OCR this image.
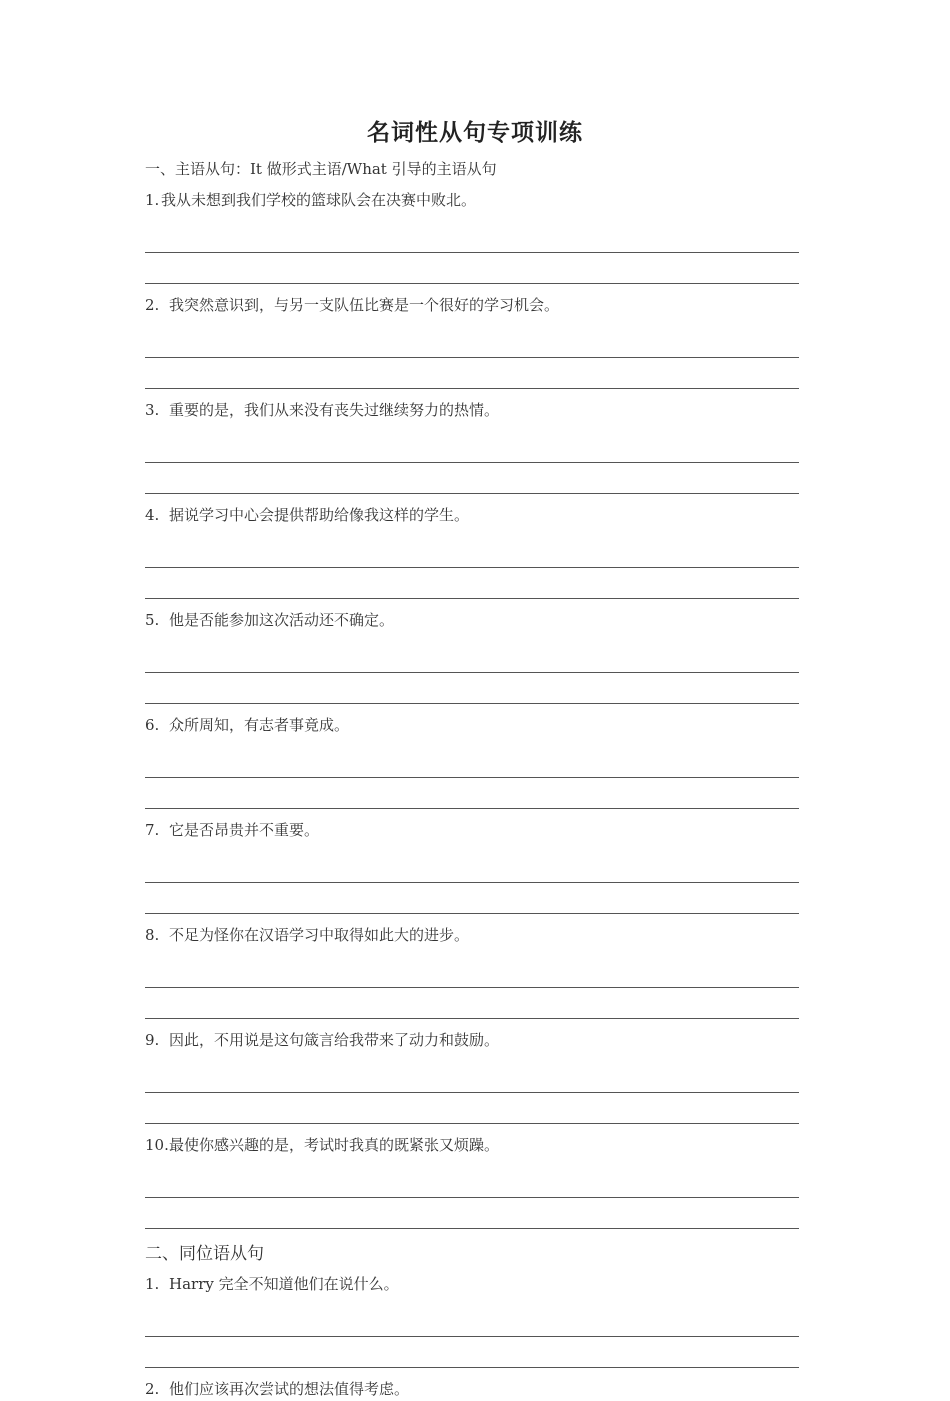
名词性从句专项训练
一、主语从句：It 做形式主语/What 引导的主语从句
1. 我从未想到我们学校的篮球队会在决赛中败北。
2. 我突然意识到，与另一支队伍比赛是一个很好的学习机会。
3. 重要的是，我们从来没有丧失过继续努力的热情。
4. 据说学习中心会提供帮助给像我这样的学生。
5. 他是否能参加这次活动还不确定。
6. 众所周知，有志者事竟成。
7. 它是否昂贵并不重要。
8. 不足为怪你在汉语学习中取得如此大的进步。
9. 因此，不用说是这句箴言给我带来了动力和鼓励。
10.最使你感兴趣的是，考试时我真的既紧张又烦躁。
二、同位语从句
1. Harry 完全不知道他们在说什么。
2. 他们应该再次尝试的想法值得考虑。
